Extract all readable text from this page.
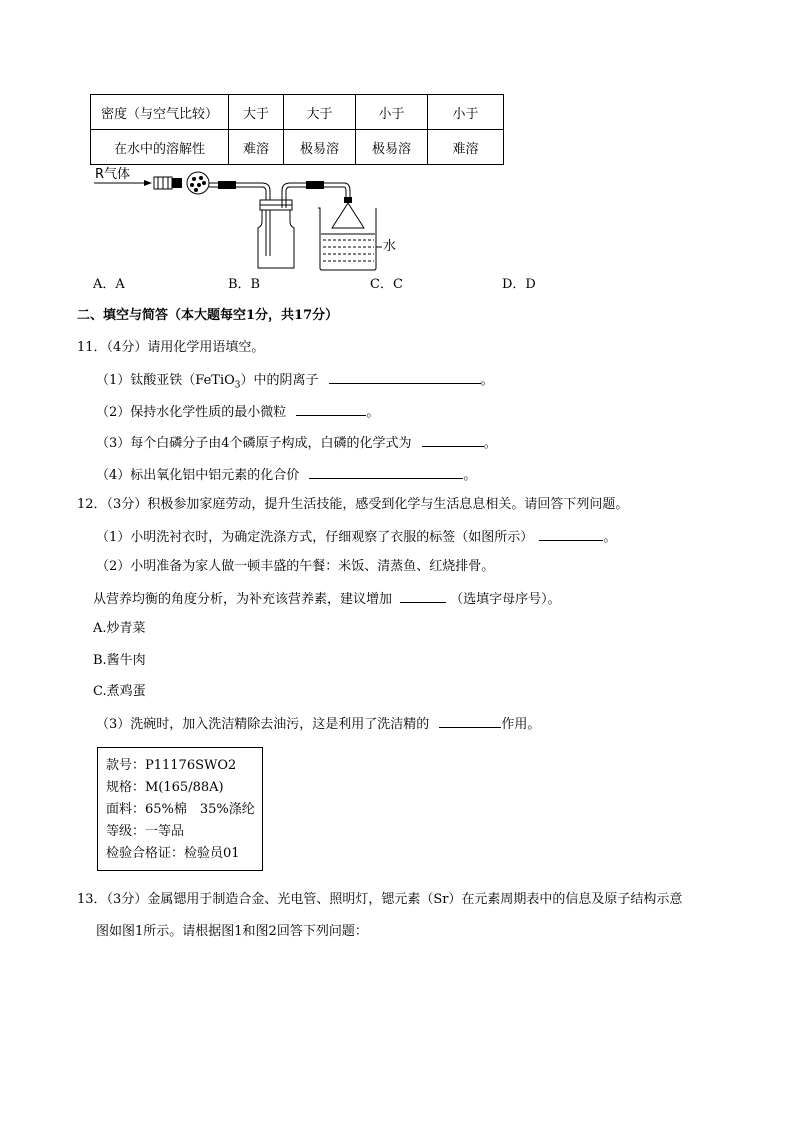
密度（与空气比较）	大于	大于	小于	小于
在水中的溶解性	难溶	极易溶	极易溶	难溶
R气体
水
A．A	B．B	C．C	D．D
二、填空与简答（本大题每空1分，共17分）
11．（4分）请用化学用语填空。
（1）钛酸亚铁（FeTiO$_3$）中的阴离子	。
（2）保持水化学性质的最小微粒	。
（3）每个白磷分子由4个磷原子构成，白磷的化学式为	。
（4）标出氧化铝中铝元素的化合价	。
12．（3分）积极参加家庭劳动，提升生活技能，感受到化学与生活息息相关。请回答下列问题。
（1）小明洗衬衣时，为确定洗涤方式，仔细观察了衣服的标签（如图所示）	。
（2）小明准备为家人做一顿丰盛的午餐：米饭、清蒸鱼、红烧排骨。
从营养均衡的角度分析，为补充该营养素，建议增加	（选填字母序号）。
A.炒青菜
B.酱牛肉
C.煮鸡蛋
（3）洗碗时，加入洗洁精除去油污，这是利用了洗洁精的	作用。
款号：P11176SWO2
规格：M(165/88A)
面料：65%棉　35%涤纶
等级：一等品
检验合格证：检验员01
13．（3分）金属锶用于制造合金、光电管、照明灯，锶元素（Sr）在元素周期表中的信息及原子结构示意
图如图1所示。请根据图1和图2回答下列问题：
